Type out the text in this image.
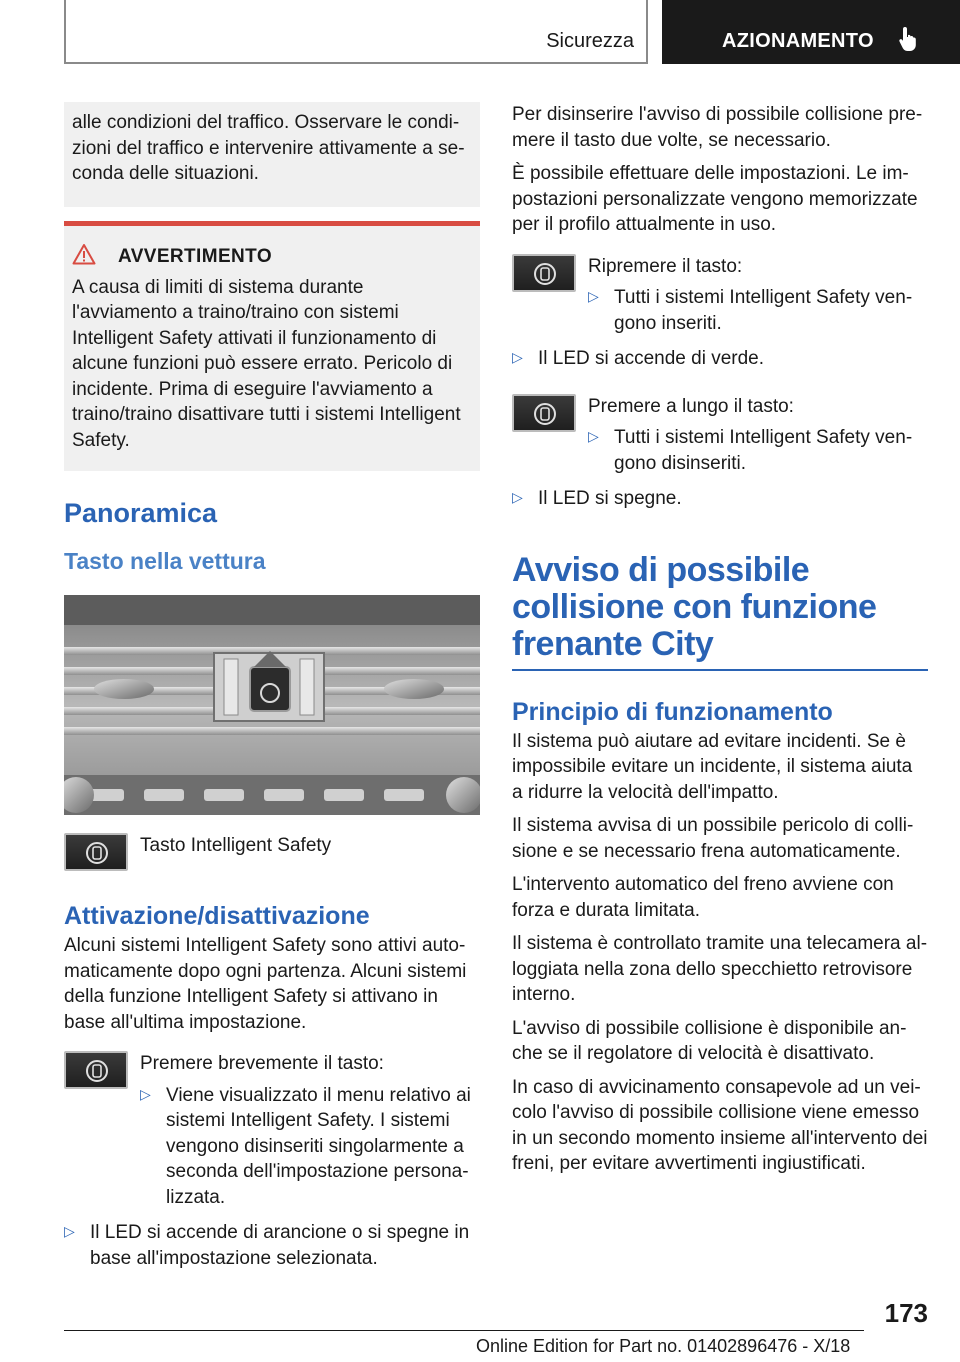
Sicurezza	AZIONAMENTO

alle condizioni del traffico. Osservare le condizioni del traffico e intervenire attivamente a seconda delle situazioni.

AVVERTIMENTO

A causa di limiti di sistema durante l'avviamento a traino/traino con sistemi Intelligent Safety attivati il funzionamento di alcune funzioni può essere errato. Pericolo di incidente. Prima di eseguire l'avviamento a traino/traino disattivare tutti i sistemi Intelligent Safety.

Panoramica
Tasto nella vettura

Tasto Intelligent Safety

Attivazione/disattivazione

Alcuni sistemi Intelligent Safety sono attivi automaticamente dopo ogni partenza. Alcuni sistemi della funzione Intelligent Safety si attivano in base all'ultima impostazione.

Premere brevemente il tasto:

▷ Viene visualizzato il menu relativo ai sistemi Intelligent Safety. I sistemi vengono disinseriti singolarmente a seconda dell'impostazione personalizzata.

▷ Il LED si accende di arancione o si spegne in base all'impostazione selezionata.

Per disinserire l'avviso di possibile collisione premere il tasto due volte, se necessario.

È possibile effettuare delle impostazioni. Le impostazioni personalizzate vengono memorizzate per il profilo attualmente in uso.

Ripremere il tasto:

▷ Tutti i sistemi Intelligent Safety vengono inseriti.

▷ Il LED si accende di verde.

Premere a lungo il tasto:

▷ Tutti i sistemi Intelligent Safety vengono disinseriti.

▷ Il LED si spegne.

Avviso di possibile collisione con funzione frenante City
Principio di funzionamento

Il sistema può aiutare ad evitare incidenti. Se è impossibile evitare un incidente, il sistema aiuta a ridurre la velocità dell'impatto.

Il sistema avvisa di un possibile pericolo di collisione e se necessario frena automaticamente.

L'intervento automatico del freno avviene con forza e durata limitata.

Il sistema è controllato tramite una telecamera alloggiata nella zona dello specchietto retrovisore interno.

L'avviso di possibile collisione è disponibile anche se il regolatore di velocità è disattivato.

In caso di avvicinamento consapevole ad un veicolo l'avviso di possibile collisione viene emesso in un secondo momento insieme all'intervento dei freni, per evitare avvertimenti ingiustificati.

173
Online Edition for Part no. 01402896476 - X/18
